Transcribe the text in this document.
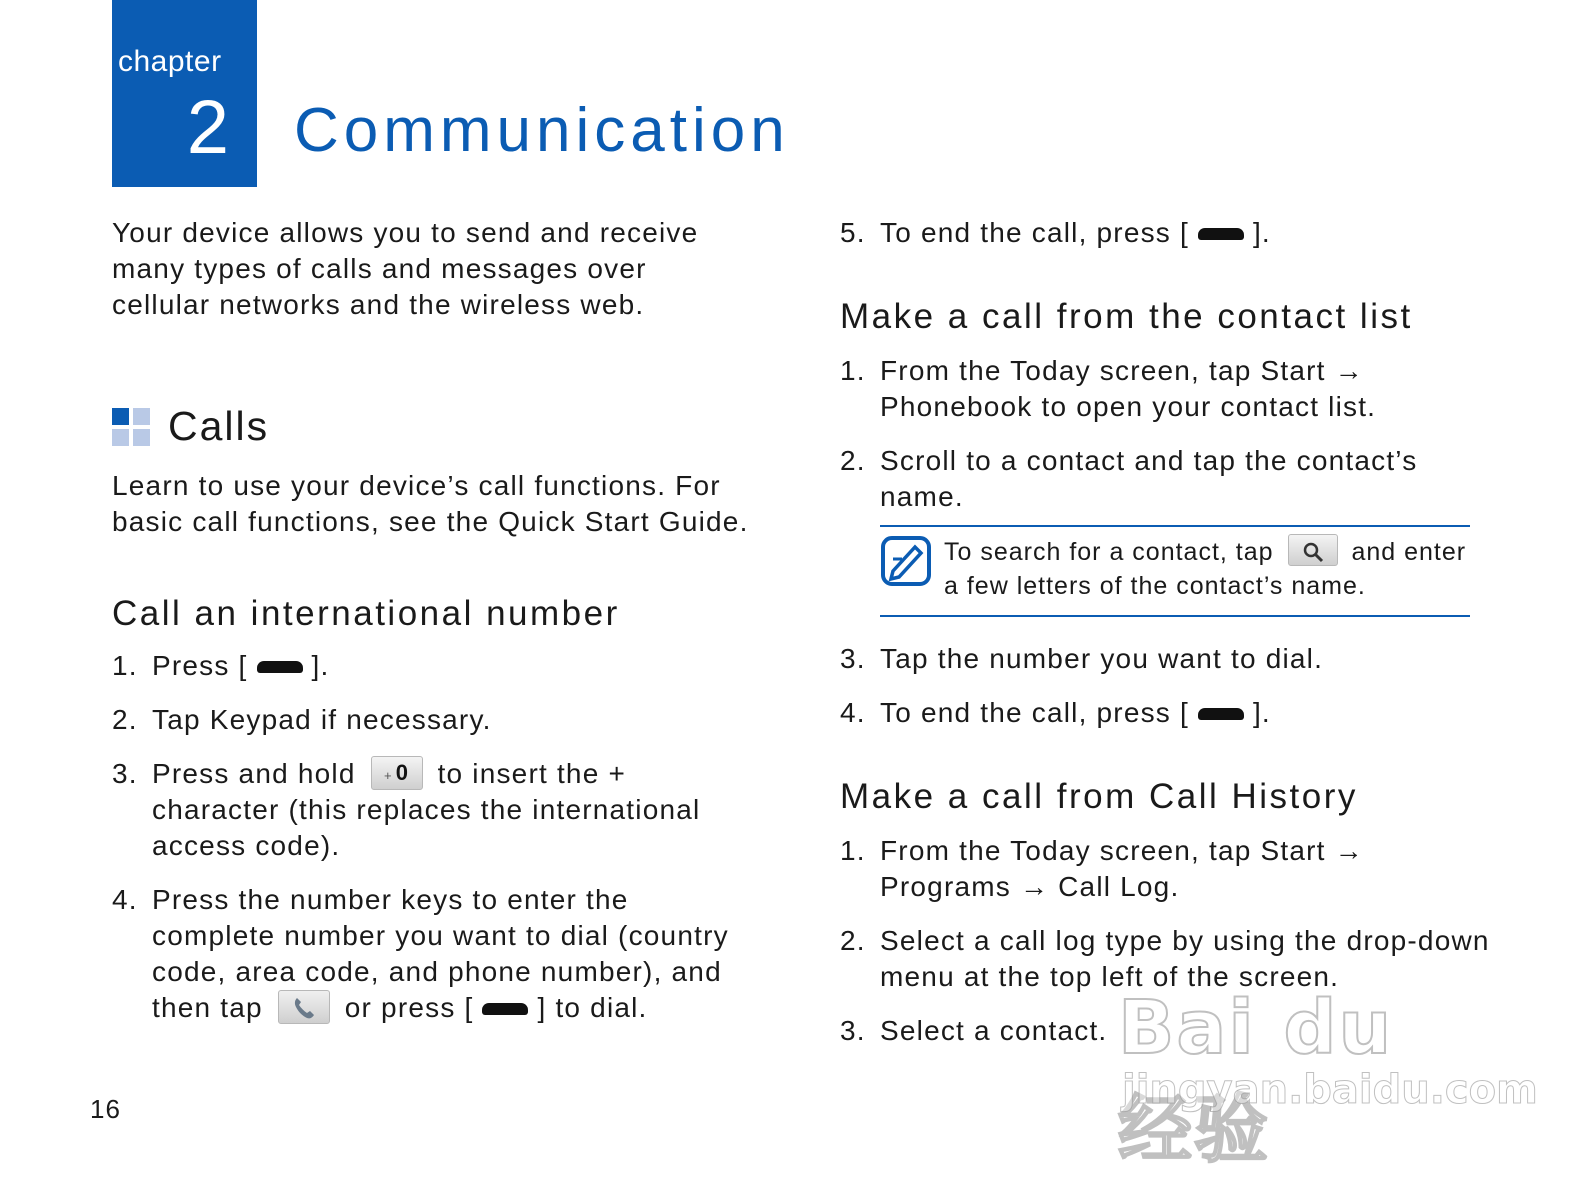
chapter
2 Communication

Your device allows you to send and receive many types of calls and messages over cellular networks and the wireless web.

Calls

Learn to use your device’s call functions. For basic call functions, see the Quick Start Guide.

Call an international number
1. Press [ ].
2. Tap Keypad if necessary.
3. Press and hold + 0 to insert the + character (this replaces the international access code).
4. Press the number keys to enter the complete number you want to dial (country code, area code, and phone number), and then tap	or press [ ] to dial.
5. To end the call, press [ ].
Make a call from the contact list
1. From the Today screen, tap Start → Phonebook to open your contact list.
2. Scroll to a contact and tap the contact’s name.
To search for a contact, tap	and enter a few letters of the contact’s name.
3. Tap the number you want to dial.
4. To end the call, press [ ].
Make a call from Call History
1. From the Today screen, tap Start → Programs → Call Log.
2. Select a call log type by using the drop-down menu at the top left of the screen.
3. Select a contact.
16
Bai du 经验
jingyan.baidu.com
